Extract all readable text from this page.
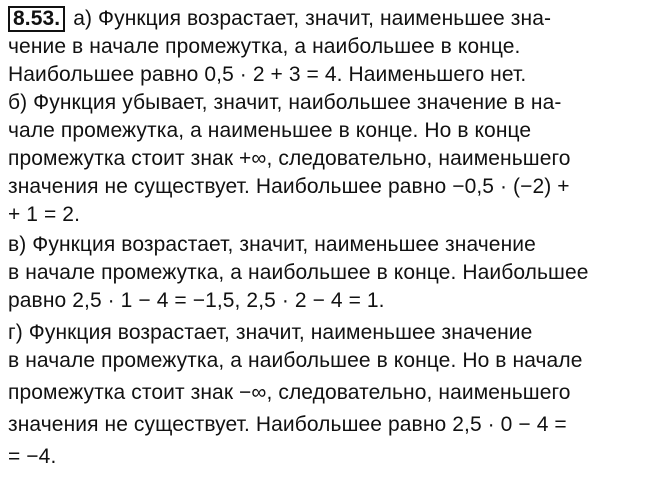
8.53. а) Функция возрастает, значит, наименьшее зна-
чение в начале промежутка, а наибольшее в конце.
Наибольшее равно 0,5 · 2 + 3 = 4. Наименьшего нет.
б) Функция убывает, значит, наибольшее значение в на-
чале промежутка, а наименьшее в конце. Но в конце
промежутка стоит знак +∞, следовательно, наименьшего
значения не существует. Наибольшее равно −0,5 · (−2) +
+ 1 = 2.
в) Функция возрастает, значит, наименьшее значение
в начале промежутка, а наибольшее в конце. Наибольшее
равно 2,5 · 1 − 4 = −1,5, 2,5 · 2 − 4 = 1.
г) Функция возрастает, значит, наименьшее значение
в начале промежутка, а наибольшее в конце. Но в начале
промежутка стоит знак −∞, следовательно, наименьшего
значения не существует. Наибольшее равно 2,5 · 0 − 4 =
= −4.
